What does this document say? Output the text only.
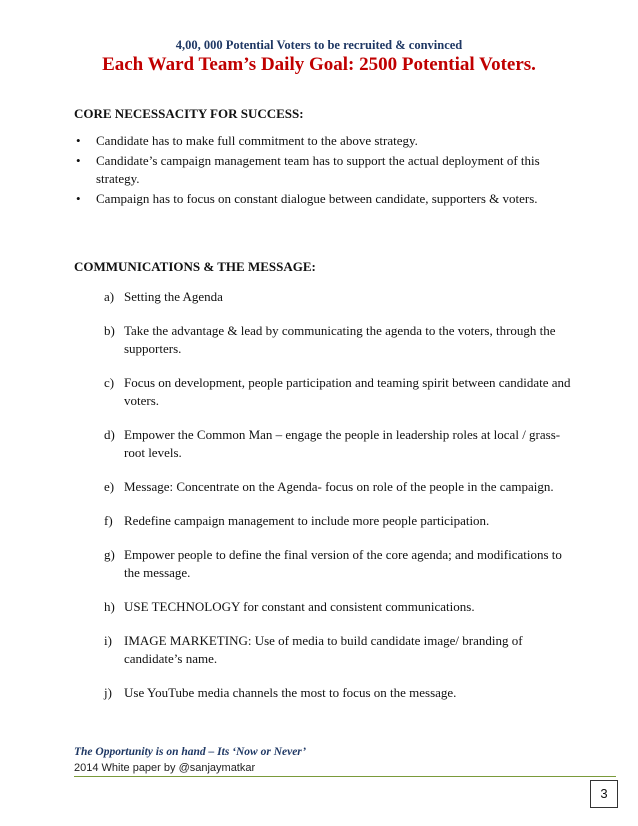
4,00, 000 Potential Voters to be recruited & convinced
Each Ward Team’s Daily Goal: 2500 Potential Voters.
CORE NECESSACITY FOR SUCCESS:
• Candidate has to make full commitment to the above strategy.
• Candidate’s campaign management team has to support the actual deployment of this strategy.
• Campaign has to focus on constant dialogue between candidate, supporters & voters.
COMMUNICATIONS & THE MESSAGE:
a) Setting the Agenda
b) Take the advantage & lead by communicating the agenda to the voters, through the supporters.
c) Focus on development, people participation and teaming spirit between candidate and voters.
d) Empower the Common Man – engage the people in leadership roles at local / grass-root levels.
e) Message: Concentrate on the Agenda- focus on role of the people in the campaign.
f) Redefine campaign management to include more people participation.
g) Empower people to define the final version of the core agenda; and modifications to the message.
h) USE TECHNOLOGY for constant and consistent communications.
i) IMAGE MARKETING: Use of media to build candidate image/ branding of candidate’s name.
j) Use YouTube media channels the most to focus on the message.
The Opportunity is on hand – Its ‘Now or Never’
2014 White paper by @sanjaymatkar
3
